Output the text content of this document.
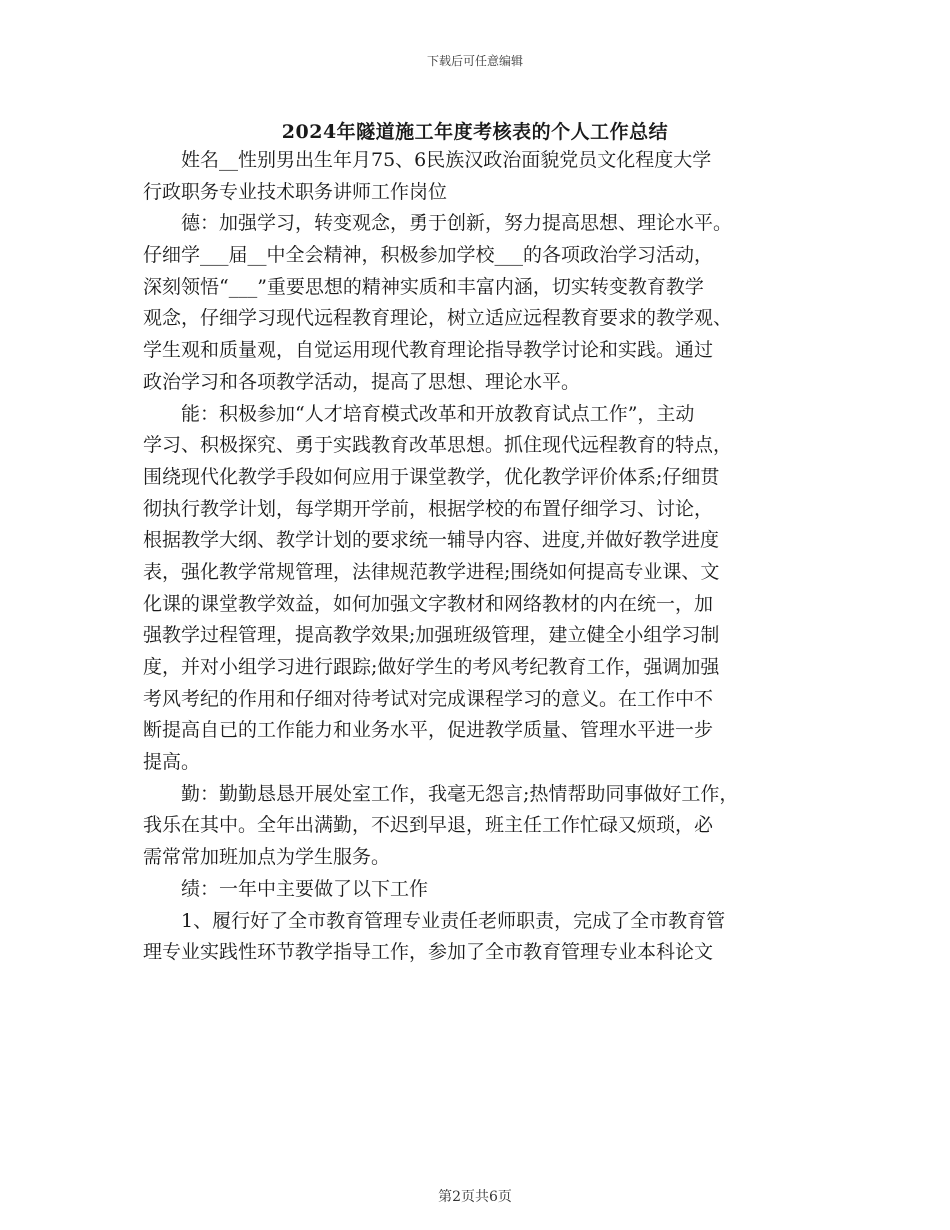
下载后可任意编辑
2024年隧道施工年度考核表的个人工作总结
姓名__性别男出生年月75、6民族汉政治面貌党员文化程度大学
行政职务专业技术职务讲师工作岗位
德：加强学习，转变观念，勇于创新，努力提高思想、理论水平。
仔细学___届__中全会精神，积极参加学校___的各项政治学习活动，
深刻领悟“___”重要思想的精神实质和丰富内涵，切实转变教育教学
观念，仔细学习现代远程教育理论，树立适应远程教育要求的教学观、
学生观和质量观，自觉运用现代教育理论指导教学讨论和实践。通过
政治学习和各项教学活动，提高了思想、理论水平。
能：积极参加“人才培育模式改革和开放教育试点工作”，主动
学习、积极探究、勇于实践教育改革思想。抓住现代远程教育的特点，
围绕现代化教学手段如何应用于课堂教学，优化教学评价体系;仔细贯
彻执行教学计划，每学期开学前，根据学校的布置仔细学习、讨论，
根据教学大纲、教学计划的要求统一辅导内容、进度,并做好教学进度
表，强化教学常规管理，法律规范教学进程;围绕如何提高专业课、文
化课的课堂教学效益，如何加强文字教材和网络教材的内在统一，加
强教学过程管理，提高教学效果;加强班级管理，建立健全小组学习制
度，并对小组学习进行跟踪;做好学生的考风考纪教育工作，强调加强
考风考纪的作用和仔细对待考试对完成课程学习的意义。在工作中不
断提高自已的工作能力和业务水平，促进教学质量、管理水平进一步
提高。
勤：勤勤恳恳开展处室工作，我毫无怨言;热情帮助同事做好工作，
我乐在其中。全年出满勤，不迟到早退，班主任工作忙碌又烦琐，必
需常常加班加点为学生服务。
绩：一年中主要做了以下工作
1、履行好了全市教育管理专业责任老师职责，完成了全市教育管
理专业实践性环节教学指导工作，参加了全市教育管理专业本科论文
第2页共6页
